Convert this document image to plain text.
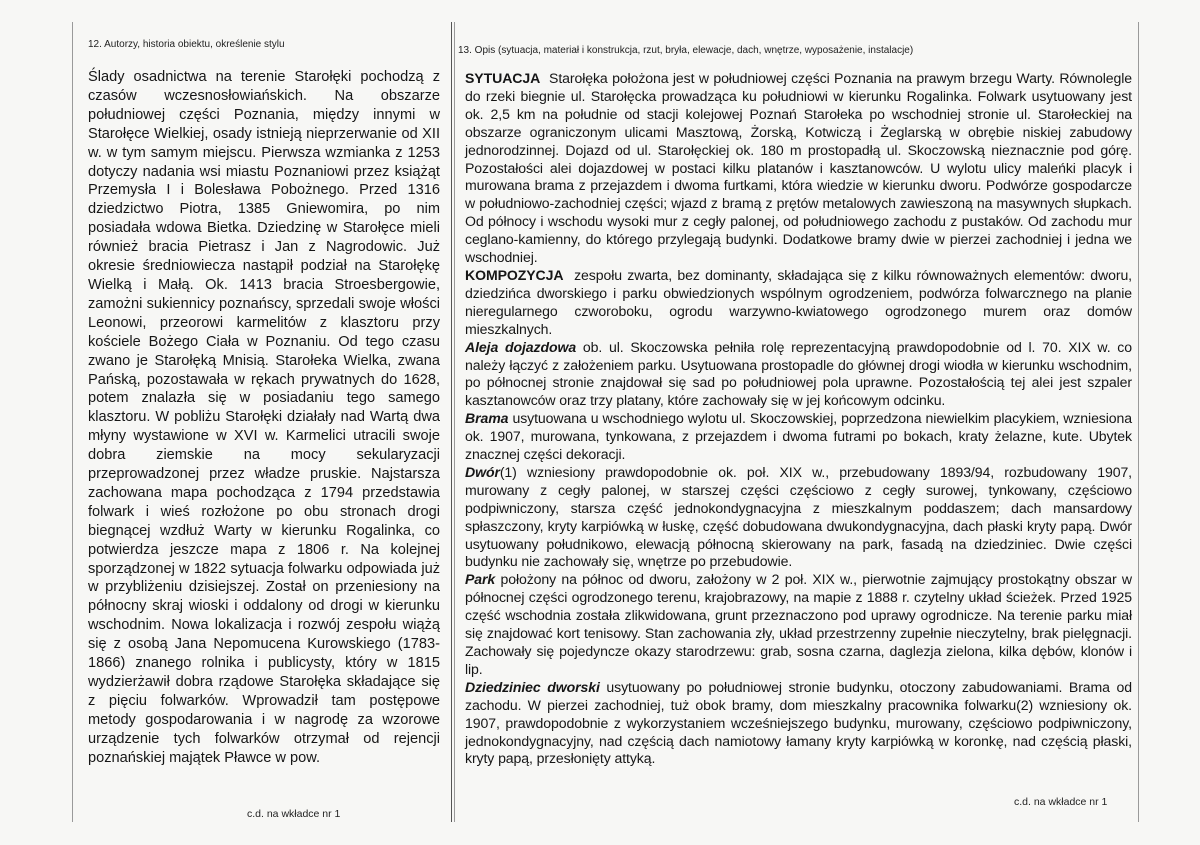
12. Autorzy, historia obiektu, określenie stylu
13. Opis (sytuacja, materiał i konstrukcja, rzut, bryła, elewacje, dach, wnętrze, wyposażenie, instalacje)

Ślady osadnictwa na terenie Starołęki pochodzą z czasów wczesnosłowiańskich. Na obszarze południowej części Poznania, między innymi w Starołęce Wielkiej, osady istnieją nieprzerwanie od XII w. w tym samym miejscu. Pierwsza wzmianka z 1253 dotyczy nadania wsi miastu Poznaniowi przez książąt Przemysła I i Bolesława Pobożnego. Przed 1316 dziedzictwo Piotra, 1385 Gniewomira, po nim posiadała wdowa Bietka. Dziedzinę w Starołęce mieli również bracia Pietrasz i Jan z Nagrodowic. Już okresie średniowiecza nastąpił podział na Starołękę Wielką i Małą. Ok. 1413 bracia Stroesbergowie, zamożni sukiennicy poznańscy, sprzedali swoje włości Leonowi, przeorowi karmelitów z klasztoru przy kościele Bożego Ciała w Poznaniu. Od tego czasu zwano je Starołęką Mnisią. Starołeka Wielka, zwana Pańską, pozostawała w rękach prywatnych do 1628, potem znalazła się w posiadaniu tego samego klasztoru. W pobliżu Starołęki działały nad Wartą dwa młyny wystawione w XVI w. Karmelici utracili swoje dobra ziemskie na mocy sekularyzacji przeprowadzonej przez władze pruskie. Najstarsza zachowana mapa pochodząca z 1794 przedstawia folwark i wieś rozłożone po obu stronach drogi biegnącej wzdłuż Warty w kierunku Rogalinka, co potwierdza jeszcze mapa z 1806 r. Na kolejnej sporządzonej w 1822 sytuacja folwarku odpowiada już w przybliżeniu dzisiejszej. Został on przeniesiony na północny skraj wioski i oddalony od drogi w kierunku wschodnim. Nowa lokalizacja i rozwój zespołu wiążą się z osobą Jana Nepomucena Kurowskiego (1783-1866) znanego rolnika i publicysty, który w 1815 wydzierżawił dobra rządowe Starołęka składające się z pięciu folwarków. Wprowadził tam postępowe metody gospodarowania i w nagrodę za wzorowe urządzenie tych folwarków otrzymał od rejencji poznańskiej majątek Pławce w pow.

SYTUACJA Starołęka położona jest w południowej części Poznania na prawym brzegu Warty. Równolegle do rzeki biegnie ul. Starołęcka prowadząca ku południowi w kierunku Rogalinka. Folwark usytuowany jest ok. 2,5 km na południe od stacji kolejowej Poznań Starołeka po wschodniej stronie ul. Starołeckiej na obszarze ograniczonym ulicami Masztową, Żorską, Kotwiczą i Żeglarską w obrębie niskiej zabudowy jednorodzinnej. Dojazd od ul. Starołęckiej ok. 180 m prostopadłą ul. Skoczowską nieznacznie pod górę. Pozostałości alei dojazdowej w postaci kilku platanów i kasztanowców. U wylotu ulicy maleńki placyk i murowana brama z przejazdem i dwoma furtkami, która wiedzie w kierunku dworu. Podwórze gospodarcze w południowo-zachodniej części; wjazd z bramą z prętów metalowych zawieszoną na masywnych słupkach. Od północy i wschodu wysoki mur z cegły palonej, od południowego zachodu z pustaków. Od zachodu mur ceglano-kamienny, do którego przylegają budynki. Dodatkowe bramy dwie w pierzei zachodniej i jedna we wschodniej.

KOMPOZYCJA zespołu zwarta, bez dominanty, składająca się z kilku równoważnych elementów: dworu, dziedzińca dworskiego i parku obwiedzionych wspólnym ogrodzeniem, podwórza folwarcznego na planie nieregularnego czworoboku, ogrodu warzywno-kwiatowego ogrodzonego murem oraz domów mieszkalnych.

Aleja dojazdowa ob. ul. Skoczowska pełniła rolę reprezentacyjną prawdopodobnie od l. 70. XIX w. co należy łączyć z założeniem parku. Usytuowana prostopadle do głównej drogi wiodła w kierunku wschodnim, po północnej stronie znajdował się sad po południowej pola uprawne. Pozostałością tej alei jest szpaler kasztanowców oraz trzy platany, które zachowały się w jej końcowym odcinku.

Brama usytuowana u wschodniego wylotu ul. Skoczowskiej, poprzedzona niewielkim placykiem, wzniesiona ok. 1907, murowana, tynkowana, z przejazdem i dwoma futrami po bokach, kraty żelazne, kute. Ubytek znacznej części dekoracji.

Dwór(1) wzniesiony prawdopodobnie ok. poł. XIX w., przebudowany 1893/94, rozbudowany 1907, murowany z cegły palonej, w starszej części częściowo z cegły surowej, tynkowany, częściowo podpiwniczony, starsza część jednokondygnacyjna z mieszkalnym poddaszem; dach mansardowy spłaszczony, kryty karpiówką w łuskę, część dobudowana dwukondygnacyjna, dach płaski kryty papą. Dwór usytuowany południkowo, elewacją północną skierowany na park, fasadą na dziedziniec. Dwie części budynku nie zachowały się, wnętrze po przebudowie.

Park położony na północ od dworu, założony w 2 poł. XIX w., pierwotnie zajmujący prostokątny obszar w północnej części ogrodzonego terenu, krajobrazowy, na mapie z 1888 r. czytelny układ ścieżek. Przed 1925 część wschodnia została zlikwidowana, grunt przeznaczono pod uprawy ogrodnicze. Na terenie parku miał się znajdować kort tenisowy. Stan zachowania zły, układ przestrzenny zupełnie nieczytelny, brak pielęgnacji. Zachowały się pojedyncze okazy starodrzewu: grab, sosna czarna, daglezja zielona, kilka dębów, klonów i lip.

Dziedziniec dworski usytuowany po południowej stronie budynku, otoczony zabudowaniami. Brama od zachodu. W pierzei zachodniej, tuż obok bramy, dom mieszkalny pracownika folwarku(2) wzniesiony ok. 1907, prawdopodobnie z wykorzystaniem wcześniejszego budynku, murowany, częściowo podpiwniczony, jednokondygnacyjny, nad częścią dach namiotowy łamany kryty karpiówką w koronkę, nad częścią płaski, kryty papą, przesłonięty attyką.

c.d. na wkładce nr 1
c.d. na wkładce nr 1
